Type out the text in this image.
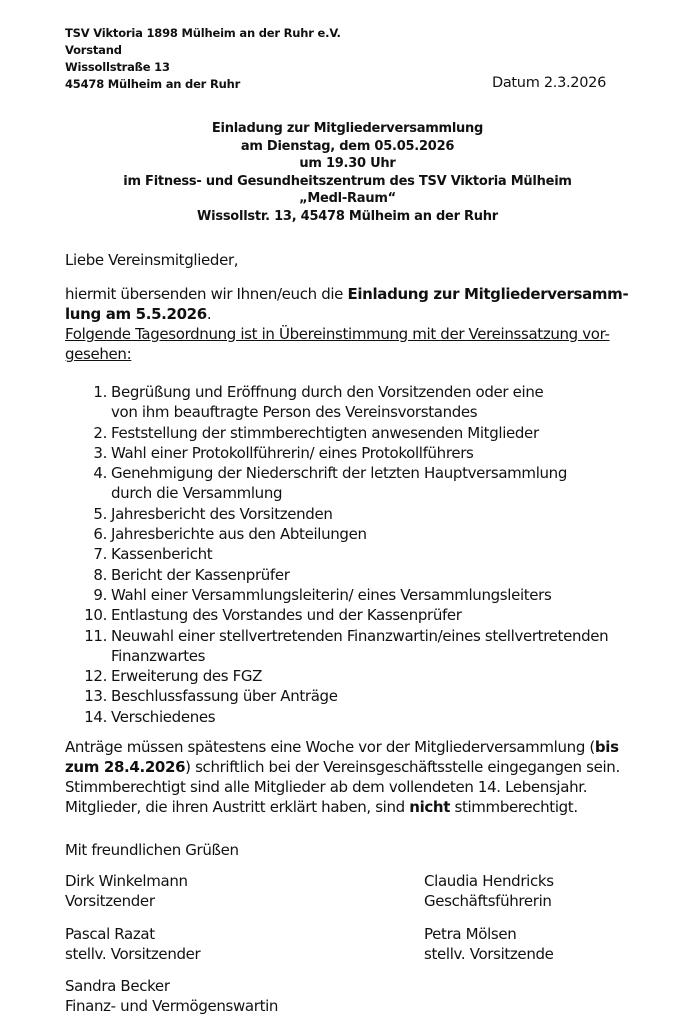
TSV Viktoria 1898 Mülheim an der Ruhr e.V.
Vorstand
Wissollstraße 13
45478 Mülheim an der Ruhr	Datum 2.3.2026
Einladung zur Mitgliederversammlung
am Dienstag, dem 05.05.2026
um 19.30 Uhr
im Fitness- und Gesundheitszentrum des TSV Viktoria Mülheim
„Medl-Raum“
Wissollstr. 13, 45478 Mülheim an der Ruhr
Liebe Vereinsmitglieder,
hiermit übersenden wir Ihnen/euch die Einladung zur Mitgliederversamm-
lung am 5.5.2026.
Folgende Tagesordnung ist in Übereinstimmung mit der Vereinssatzung vor-
gesehen:
1. Begrüßung und Eröffnung durch den Vorsitzenden oder eine
von ihm beauftragte Person des Vereinsvorstandes
2. Feststellung der stimmberechtigten anwesenden Mitglieder
3. Wahl einer Protokollführerin/ eines Protokollführers
4. Genehmigung der Niederschrift der letzten Hauptversammlung
durch die Versammlung
5. Jahresbericht des Vorsitzenden
6. Jahresberichte aus den Abteilungen
7. Kassenbericht
8. Bericht der Kassenprüfer
9. Wahl einer Versammlungsleiterin/ eines Versammlungsleiters
10. Entlastung des Vorstandes und der Kassenprüfer
11. Neuwahl einer stellvertretenden Finanzwartin/eines stellvertretenden
Finanzwartes
12. Erweiterung des FGZ
13. Beschlussfassung über Anträge
14. Verschiedenes
Anträge müssen spätestens eine Woche vor der Mitgliederversammlung (bis
zum 28.4.2026) schriftlich bei der Vereinsgeschäftsstelle eingegangen sein.
Stimmberechtigt sind alle Mitglieder ab dem vollendeten 14. Lebensjahr.
Mitglieder, die ihren Austritt erklärt haben, sind nicht stimmberechtigt.
Mit freundlichen Grüßen
Dirk Winkelmann
Vorsitzender
Claudia Hendricks
Geschäftsführerin
Pascal Razat
stellv. Vorsitzender
Petra Mölsen
stellv. Vorsitzende
Sandra Becker
Finanz- und Vermögenswartin
